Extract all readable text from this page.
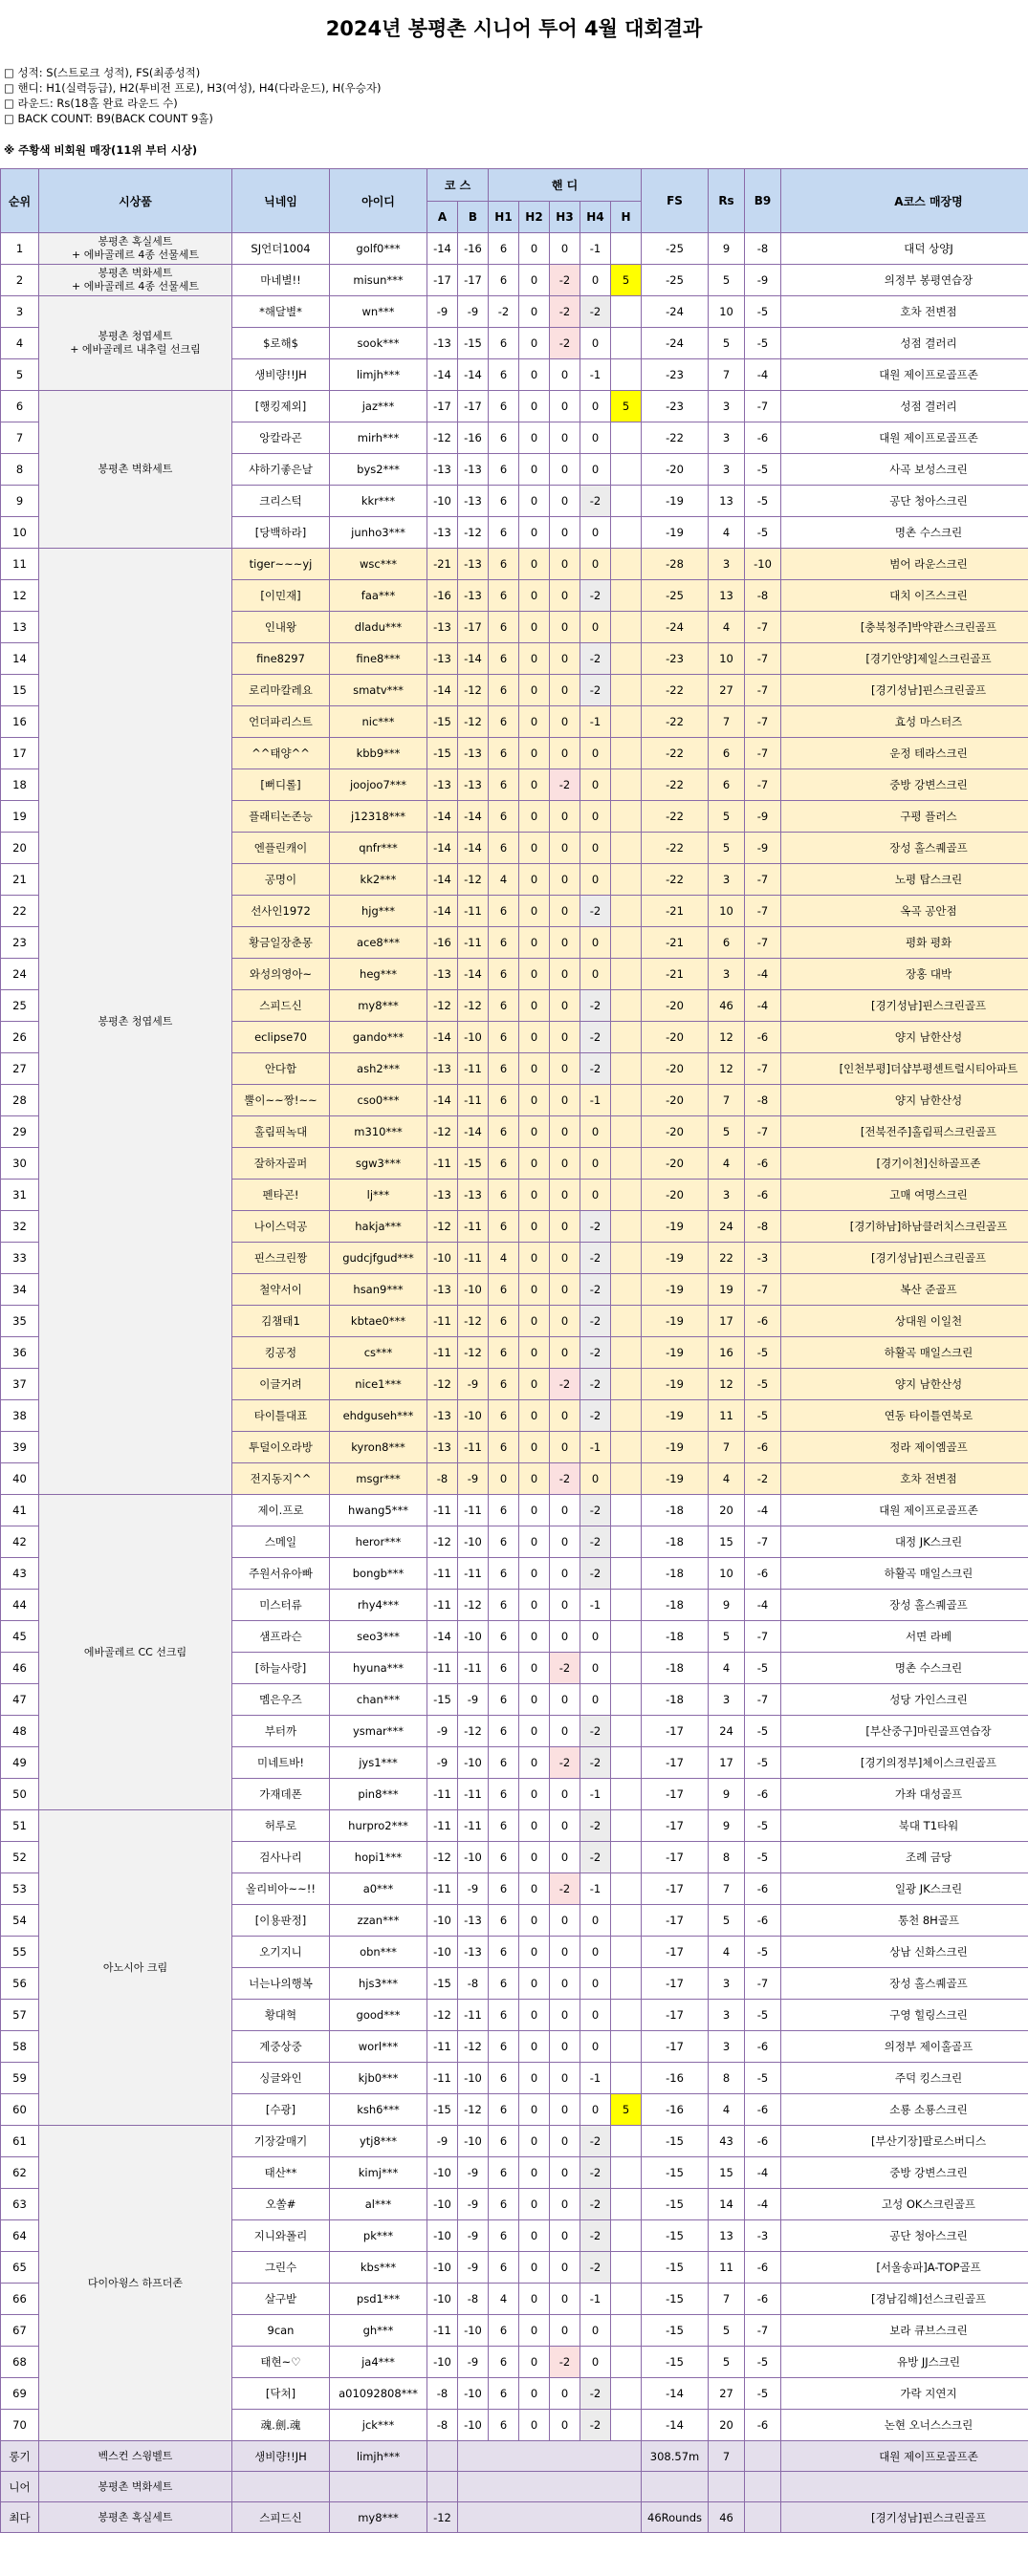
2024년 봉평촌 시니어 투어 4월 대회결과
□ 성적: S(스트로크 성적), FS(최종성적)
□ 핸디: H1(실력등급), H2(투비전 프로), H3(여성), H4(다라운드), H(우승자)
□ 라운드: Rs(18홀 완료 라운드 수)
□ BACK COUNT: B9(BACK COUNT 9홀)
※ 주황색 비회원 매장(11위 부터 시상)
순위	시상품	닉네임	아이디	코 스		핸 디					FS	Rs	B9	A코스 매장명
				A	B	H1	H2	H3	H4	H				
1	봉평촌 혹실세트
+ 에바골레르 4종 선물세트	SJ언더1004	golf0***	-14	-16	6	0	0	-1		-25	9	-8	대덕 상양J
2	봉평촌 벽화세트
+ 에바골레르 4종 선물세트	마네별!!	misun***	-17	-17	6	0	-2	0	5	-25	5	-9	의정부 봉평연습장
3	봉평촌 청엽세트
+ 에바골레르 내추럴 선크림	*해달별*	wn***	-9	-9	-2	0	-2	-2		-24	10	-5	호차 전변점
4		$로해$	sook***	-13	-15	6	0	-2	0		-24	5	-5	성점 결러리
5		생비량!!JH	limjh***	-14	-14	6	0	0	-1		-23	7	-4	대원 제이프로골프존
6	봉평촌 벽화세트	[행킹제외]	jaz***	-17	-17	6	0	0	0	5	-23	3	-7	성점 결러리
7		앙칼라곤	mirh***	-12	-16	6	0	0	0		-22	3	-6	대원 제이프로골프존
8		샤하기좋은날	bys2***	-13	-13	6	0	0	0		-20	3	-5	사곡 보성스크린
9		크리스턱	kkr***	-10	-13	6	0	0	-2		-19	13	-5	공단 청아스크린
10		[당백하라]	junho3***	-13	-12	6	0	0	0		-19	4	-5	명촌 수스크린
11	봉평촌 청엽세트	tiger~~~yj	wsc***	-21	-13	6	0	0	0		-28	3	-10	범어 라운스크린
12		[이민재]	faa***	-16	-13	6	0	0	-2		-25	13	-8	대치 이즈스크린
13		인내왕	dladu***	-13	-17	6	0	0	0		-24	4	-7	[충북청주]박약관스크린골프
14		fine8297	fine8***	-13	-14	6	0	0	-2		-23	10	-7	[경기안양]제일스크린골프
15		로리마칼레요	smatv***	-14	-12	6	0	0	-2		-22	27	-7	[경기성남]핀스크린골프
16		언더파리스트	nic***	-15	-12	6	0	0	-1		-22	7	-7	효성 마스터즈
17		^^태양^^	kbb9***	-15	-13	6	0	0	0		-22	6	-7	운정 테라스크린
18		[뻐디롤]	joojoo7***	-13	-13	6	0	-2	0		-22	6	-7	중방 강변스크린
19		플래티논존능	j12318***	-14	-14	6	0	0	0		-22	5	-9	구평 플러스
20		엔플린캐이	qnfr***	-14	-14	6	0	0	0		-22	5	-9	장성 홀스퀘골프
21		공명이	kk2***	-14	-12	4	0	0	0		-22	3	-7	노평 탑스크린
22		선사인1972	hjg***	-14	-11	6	0	0	-2		-21	10	-7	옥곡 공안점
23		황금일장춘몽	ace8***	-16	-11	6	0	0	0		-21	6	-7	평화 평화
24		와성의영아~	heg***	-13	-14	6	0	0	0		-21	3	-4	장홍 대박
25		스피드신	my8***	-12	-12	6	0	0	-2		-20	46	-4	[경기성남]핀스크린골프
26		eclipse70	gando***	-14	-10	6	0	0	-2		-20	12	-6	양지 남한산성
27		안다함	ash2***	-13	-11	6	0	0	-2		-20	12	-7	[인천부평]더샵부평센트럴시티아파트
28		뿔이~~짱!~~	cso0***	-14	-11	6	0	0	-1		-20	7	-8	양지 남한산성
29		홀림픽녹대	m310***	-12	-14	6	0	0	0		-20	5	-7	[전북전주]홀림픽스크린골프
30		잘하자골퍼	sgw3***	-11	-15	6	0	0	0		-20	4	-6	[경기이천]신하골프존
31		펜타곤!	lj***	-13	-13	6	0	0	0		-20	3	-6	고매 여명스크린
32		나이스덕공	hakja***	-12	-11	6	0	0	-2		-19	24	-8	[경기하남]하남클러치스크린골프
33		핀스크린짱	gudcjfgud***	-10	-11	4	0	0	-2		-19	22	-3	[경기성남]핀스크린골프
34		철약서이	hsan9***	-13	-10	6	0	0	-2		-19	19	-7	복산 준골프
35		김챔태1	kbtae0***	-11	-12	6	0	0	-2		-19	17	-6	상대원 이일천
36		킹공정	cs***	-11	-12	6	0	0	-2		-19	16	-5	하활곡 매일스크린
37		이글거려	nice1***	-12	-9	6	0	-2	-2		-19	12	-5	양지 남한산성
38		타이틀대표	ehdguseh***	-13	-10	6	0	0	-2		-19	11	-5	연동 타이틀연북로
39		투덜이오라방	kyron8***	-13	-11	6	0	0	-1		-19	7	-6	정라 제이엠골프
40		전지동지^^	msgr***	-8	-9	0	0	-2	0		-19	4	-2	호차 전변점
41	에바골레르 CC 선크림	제이.프로	hwang5***	-11	-11	6	0	0	-2		-18	20	-4	대원 제이프로골프존
42		스메일	heror***	-12	-10	6	0	0	-2		-18	15	-7	대정 JK스크린
43		주원서유아빠	bongb***	-11	-11	6	0	0	-2		-18	10	-6	하활곡 매일스크린
44		미스터류	rhy4***	-11	-12	6	0	0	-1		-18	9	-4	장성 홀스퀘골프
45		샘프라슨	seo3***	-14	-10	6	0	0	0		-18	5	-7	서면 라베
46		[하늘사랑]	hyuna***	-11	-11	6	0	-2	0		-18	4	-5	명촌 수스크린
47		멤은우즈	chan***	-15	-9	6	0	0	0		-18	3	-7	성당 가인스크린
48		부터까	ysmar***	-9	-12	6	0	0	-2		-17	24	-5	[부산중구]마린골프연습장
49		미네트바!	jys1***	-9	-10	6	0	-2	-2		-17	17	-5	[경기의정부]체이스크린골프
50		가재데폰	pin8***	-11	-11	6	0	0	-1		-17	9	-6	가좌 대성골프
51	아노시아 크림	허루로	hurpro2***	-11	-11	6	0	0	-2		-17	9	-5	북대 T1타워
52		검사나리	hopi1***	-12	-10	6	0	0	-2		-17	8	-5	조례 금당
53		올리비아~~!!	a0***	-11	-9	6	0	-2	-1		-17	7	-6	일광 JK스크린
54		[이용판정]	zzan***	-10	-13	6	0	0	0		-17	5	-6	통천 8H골프
55		오기지니	obn***	-10	-13	6	0	0	0		-17	4	-5	상남 신화스크린
56		너는나의행복	hjs3***	-15	-8	6	0	0	0		-17	3	-7	장성 홀스퀘골프
57		황대혁	good***	-12	-11	6	0	0	0		-17	3	-5	구영 힐링스크린
58		계중상중	worl***	-11	-12	6	0	0	0		-17	3	-6	의정부 제이홀골프
59		싱글와인	kjb0***	-11	-10	6	0	0	-1		-16	8	-5	주덕 킹스크린
60		[수광]	ksh6***	-15	-12	6	0	0	0	5	-16	4	-6	소룡 소룡스크린
61	다이아윙스 하프더존	기장갈매기	ytj8***	-9	-10	6	0	0	-2		-15	43	-6	[부산기장]팔로스버디스
62		태산**	kimj***	-10	-9	6	0	0	-2		-15	15	-4	중방 강변스크린
63		오쏠#	al***	-10	-9	6	0	0	-2		-15	14	-4	고성 OK스크린골프
64		지니와폴리	pk***	-10	-9	6	0	0	-2		-15	13	-3	공단 청아스크린
65		그린수	kbs***	-10	-9	6	0	0	-2		-15	11	-6	[서울송파]A-TOP골프
66		살구밭	psd1***	-10	-8	4	0	0	-1		-15	7	-6	[경남김해]선스크린골프
67		9can	gh***	-11	-10	6	0	0	0		-15	5	-7	보라 큐브스크린
68		태현~♡	ja4***	-10	-9	6	0	-2	0		-15	5	-5	유방 JJ스크린
69		[닥쳐]	a01092808***	-8	-10	6	0	0	-2		-14	27	-5	가락 지연지
70		魂.劍.魂	jck***	-8	-10	6	0	0	-2		-14	20	-6	논현 오너스스크린
롱기	벡스컨 스윙벨트	생비량!!JH	limjh***								308.57m	7		대원 제이프로골프존
니어	봉평촌 벽화세트													
최다	봉평촌 혹실세트	스피드신	my8***	-12							46Rounds	46		[경기성남]핀스크린골프
